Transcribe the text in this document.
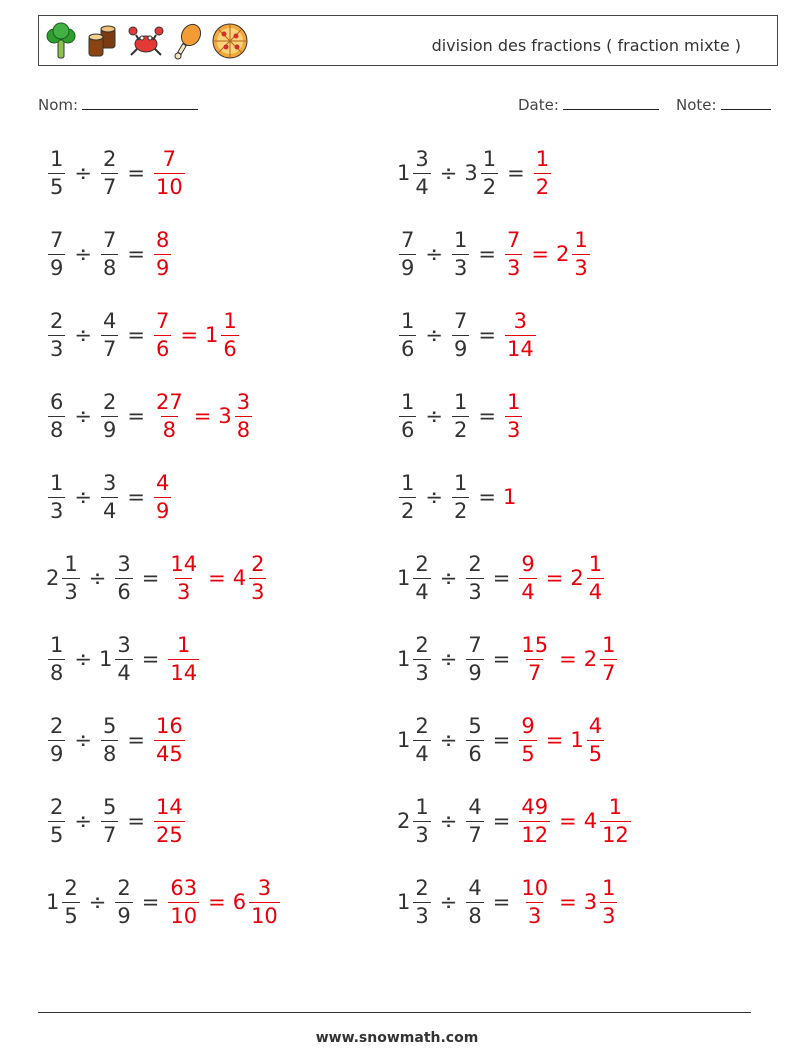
division des fractions ( fraction mixte )
Nom:	Date:	Note:
$\frac{1}{5} \div \frac{2}{7} = \frac{7}{10}$	$1 \frac{3}{4} \div 3 \frac{1}{2} = \frac{1}{2}$
$\frac{7}{9} \div \frac{7}{8} = \frac{8}{9}$	$\frac{7}{9} \div \frac{1}{3} = \frac{7}{3} = 2 \frac{1}{3}$
$\frac{2}{3} \div \frac{4}{7} = \frac{7}{6} = 1 \frac{1}{6}$	$\frac{1}{6} \div \frac{7}{9} = \frac{3}{14}$
$\frac{6}{8} \div \frac{2}{9} = \frac{27}{8} = 3 \frac{3}{8}$	$\frac{1}{6} \div \frac{1}{2} = \frac{1}{3}$
$\frac{1}{3} \div \frac{3}{4} = \frac{4}{9}$	$\frac{1}{2} \div \frac{1}{2} = 1$
$2 \frac{1}{3} \div \frac{3}{6} = \frac{14}{3} = 4 \frac{2}{3}$	$1 \frac{2}{4} \div \frac{2}{3} = \frac{9}{4} = 2 \frac{1}{4}$
$\frac{1}{8} \div 1 \frac{3}{4} = \frac{1}{14}$	$1 \frac{2}{3} \div \frac{7}{9} = \frac{15}{7} = 2 \frac{1}{7}$
$\frac{2}{9} \div \frac{5}{8} = \frac{16}{45}$	$1 \frac{2}{4} \div \frac{5}{6} = \frac{9}{5} = 1 \frac{4}{5}$
$\frac{2}{5} \div \frac{5}{7} = \frac{14}{25}$	$2 \frac{1}{3} \div \frac{4}{7} = \frac{49}{12} = 4 \frac{1}{12}$
$1 \frac{2}{5} \div \frac{2}{9} = \frac{63}{10} = 6 \frac{3}{10}$	$1 \frac{2}{3} \div \frac{4}{8} = \frac{10}{3} = 3 \frac{1}{3}$
www.snowmath.com
